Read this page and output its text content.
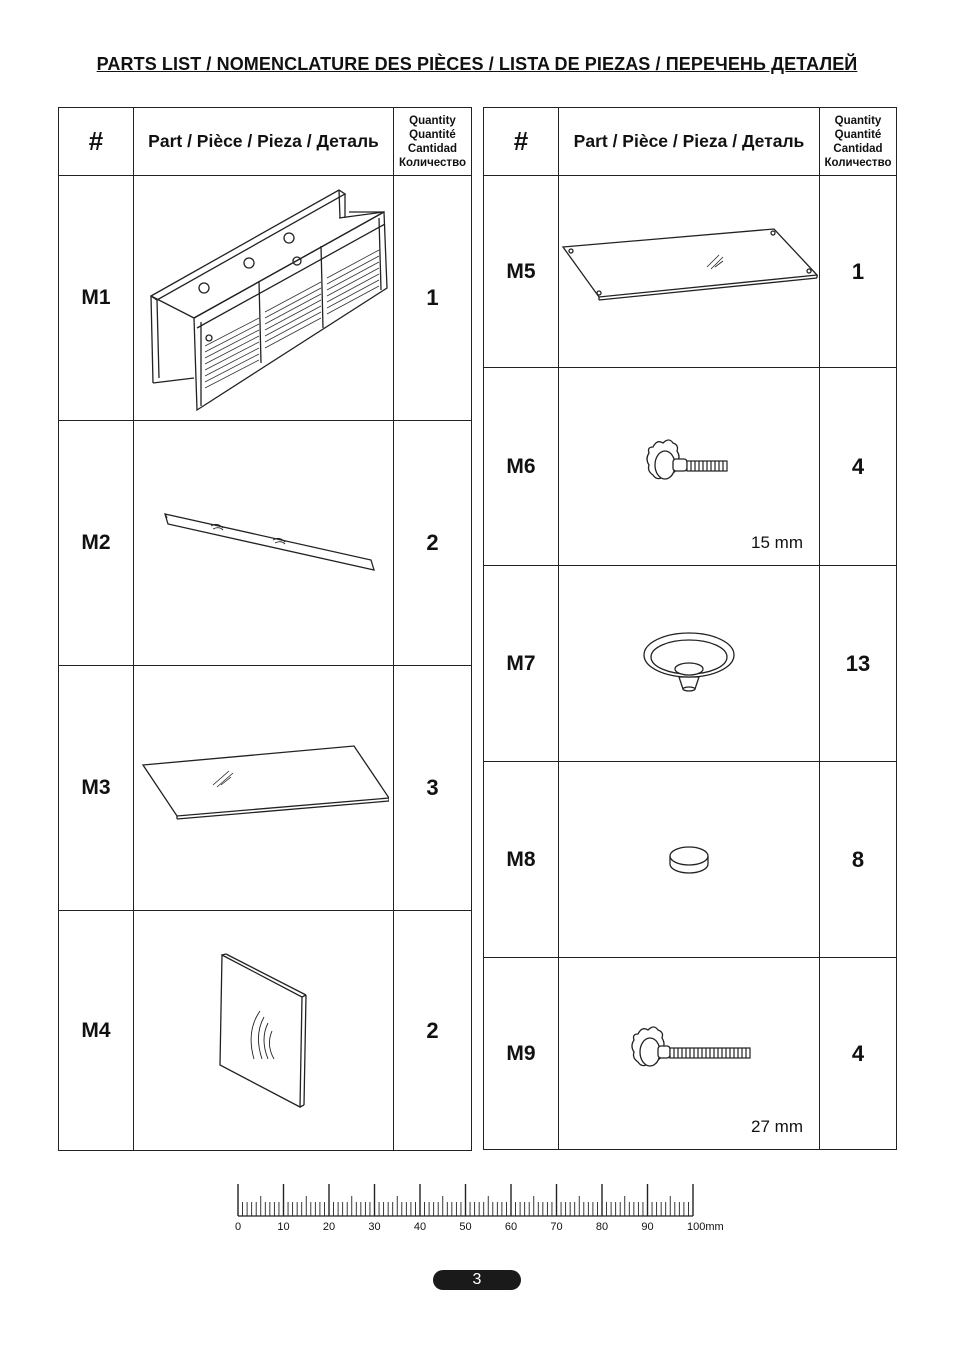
PARTS LIST / NOMENCLATURE DES PIÈCES / LISTA DE PIEZAS / ПЕРЕЧЕНЬ ДЕТАЛЕЙ
#	Part / Pièce / Pieza / Деталь	Quantity
Quantité
Cantidad
Количество

M1		1
M2		2
M3		3
M4		2
#	Part / Pièce / Pieza / Деталь	Quantity
Quantité
Cantidad
Количество

M5		1
M6	15 mm	4
M7		13
M8		8
M9	27 mm	4
0	10	20	30	40	50	60	70	80	90	100mm
3
